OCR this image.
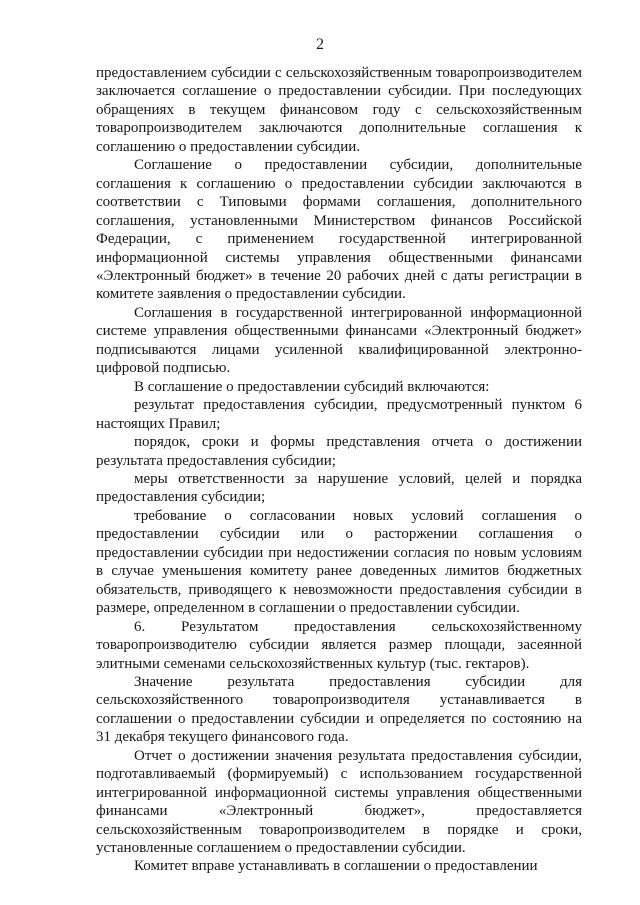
2

предоставлением субсидии с сельскохозяйственным товаропроизводителем заключается соглашение о предоставлении субсидии. При последующих обращениях в текущем финансовом году с сельскохозяйственным товаропроизводителем заключаются дополнительные соглашения к соглашению о предоставлении субсидии.

Соглашение о предоставлении субсидии, дополнительные соглашения к соглашению о предоставлении субсидии заключаются в соответствии с Типовыми формами соглашения, дополнительного соглашения, установленными Министерством финансов Российской Федерации, с применением государственной интегрированной информационной системы управления общественными финансами «Электронный бюджет» в течение 20 рабочих дней с даты регистрации в комитете заявления о предоставлении субсидии.

Соглашения в государственной интегрированной информационной системе управления общественными финансами «Электронный бюджет» подписываются лицами усиленной квалифицированной электронно-цифровой подписью.

В соглашение о предоставлении субсидий включаются:

результат предоставления субсидии, предусмотренный пунктом 6 настоящих Правил;

порядок, сроки и формы представления отчета о достижении результата предоставления субсидии;

меры ответственности за нарушение условий, целей и порядка предоставления субсидии;

требование о согласовании новых условий соглашения о предоставлении субсидии или о расторжении соглашения о предоставлении субсидии при недостижении согласия по новым условиям в случае уменьшения комитету ранее доведенных лимитов бюджетных обязательств, приводящего к невозможности предоставления субсидии в размере, определенном в соглашении о предоставлении субсидии.

6. Результатом предоставления сельскохозяйственному товаропроизводителю субсидии является размер площади, засеянной элитными семенами сельскохозяйственных культур (тыс. гектаров).

Значение результата предоставления субсидии для сельскохозяйственного товаропроизводителя устанавливается в соглашении о предоставлении субсидии и определяется по состоянию на 31 декабря текущего финансового года.

Отчет о достижении значения результата предоставления субсидии, подготавливаемый (формируемый) с использованием государственной интегрированной информационной системы управления общественными финансами «Электронный бюджет», предоставляется сельскохозяйственным товаропроизводителем в порядке и сроки, установленные соглашением о предоставлении субсидии.

Комитет вправе устанавливать в соглашении о предоставлении
